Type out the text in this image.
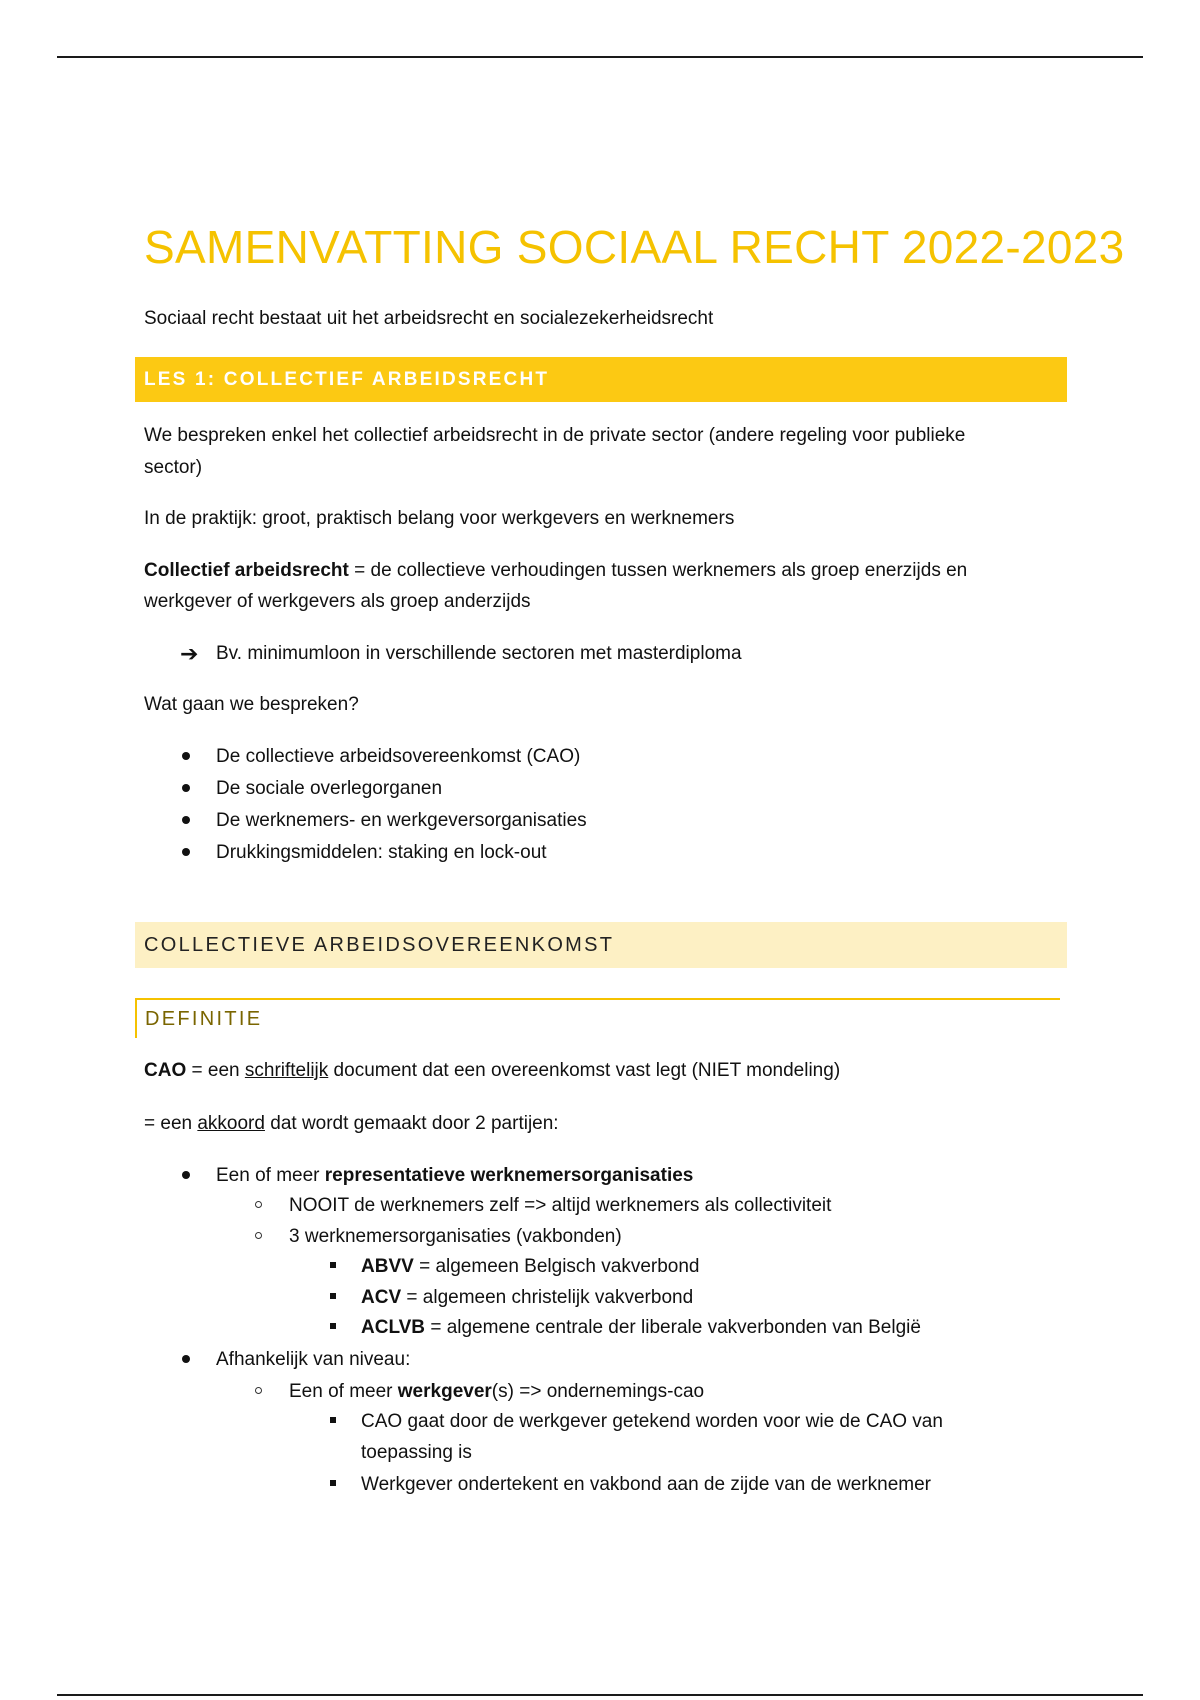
SAMENVATTING SOCIAAL RECHT 2022-2023

Sociaal recht bestaat uit het arbeidsrecht en socialezekerheidsrecht

LES 1: COLLECTIEF ARBEIDSRECHT

We bespreken enkel het collectief arbeidsrecht in de private sector (andere regeling voor publieke

sector)

In de praktijk: groot, praktisch belang voor werkgevers en werknemers

Collectief arbeidsrecht = de collectieve verhoudingen tussen werknemers als groep enerzijds en

werkgever of werkgevers als groep anderzijds

➔ Bv. minimumloon in verschillende sectoren met masterdiploma

Wat gaan we bespreken?

De collectieve arbeidsovereenkomst (CAO)

De sociale overlegorganen

De werknemers- en werkgeversorganisaties

Drukkingsmiddelen: staking en lock-out

COLLECTIEVE ARBEIDSOVEREENKOMST
DEFINITIE

CAO = een schriftelijk document dat een overeenkomst vast legt (NIET mondeling)

= een akkoord dat wordt gemaakt door 2 partijen:

Een of meer representatieve werknemersorganisaties

NOOIT de werknemers zelf => altijd werknemers als collectiviteit

3 werknemersorganisaties (vakbonden)

ABVV = algemeen Belgisch vakverbond

ACV = algemeen christelijk vakverbond

ACLVB = algemene centrale der liberale vakverbonden van België

Afhankelijk van niveau:

Een of meer werkgever(s) => ondernemings-cao

CAO gaat door de werkgever getekend worden voor wie de CAO van

toepassing is

Werkgever ondertekent en vakbond aan de zijde van de werknemer
